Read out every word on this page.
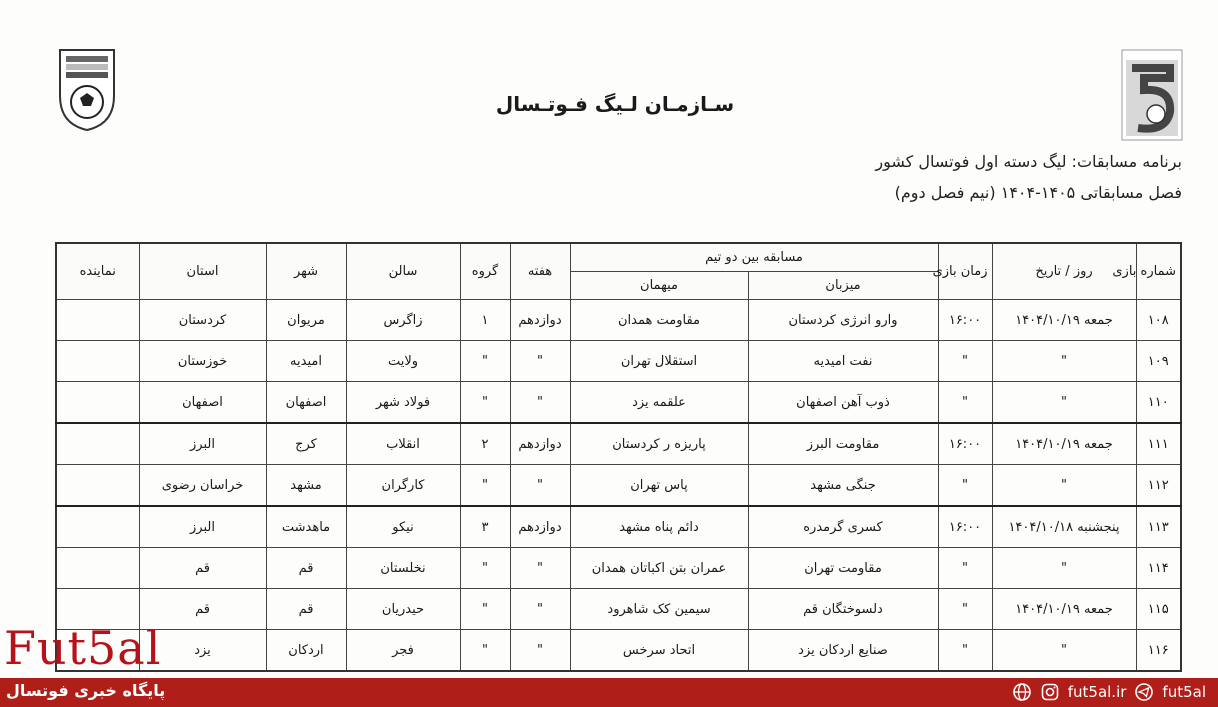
سـازمـان لـیگ فـوتـسال
برنامه مسابقات: لیگ دسته اول فوتسال کشور
فصل مسابقاتی ۱۴۰۵-۱۴۰۴ (نیم فصل دوم)
شماره بازی	روز / تاریخ	زمان بازی	مسابقه بین دو تیم		هفته	گروه	سالن	شهر	استان	نماینده
			میزبان	میهمان						
۱۰۸	جمعه ۱۴۰۴/۱۰/۱۹	۱۶:۰۰	وارو انرژی کردستان	مقاومت همدان	دوازدهم	۱	زاگرس	مریوان	کردستان	
۱۰۹	"	"	نفت امیدیه	استقلال تهران	"	"	ولایت	امیدیه	خوزستان	
۱۱۰	"	"	ذوب آهن اصفهان	علقمه یزد	"	"	فولاد شهر	اصفهان	اصفهان	
۱۱۱	جمعه ۱۴۰۴/۱۰/۱۹	۱۶:۰۰	مقاومت البرز	پاریزه ر کردستان	دوازدهم	۲	انقلاب	کرج	البرز	
۱۱۲	"	"	جنگی مشهد	پاس تهران	"	"	کارگران	مشهد	خراسان رضوی	
۱۱۳	پنجشنبه ۱۴۰۴/۱۰/۱۸	۱۶:۰۰	کسری گرمدره	دائم پناه مشهد	دوازدهم	۳	نیکو	ماهدشت	البرز	
۱۱۴	"	"	مقاومت تهران	عمران بتن اکباتان همدان	"	"	نخلستان	قم	قم	
۱۱۵	جمعه ۱۴۰۴/۱۰/۱۹	"	دلسوختگان قم	سیمین کک شاهرود	"	"	حیدریان	قم	قم	
۱۱۶	"	"	صنایع اردکان یزد	اتحاد سرخس	"	"	فجر	اردکان	یزد	
Fut5al
پایگاه خبری فوتسال	fut5al.ir fut5al
